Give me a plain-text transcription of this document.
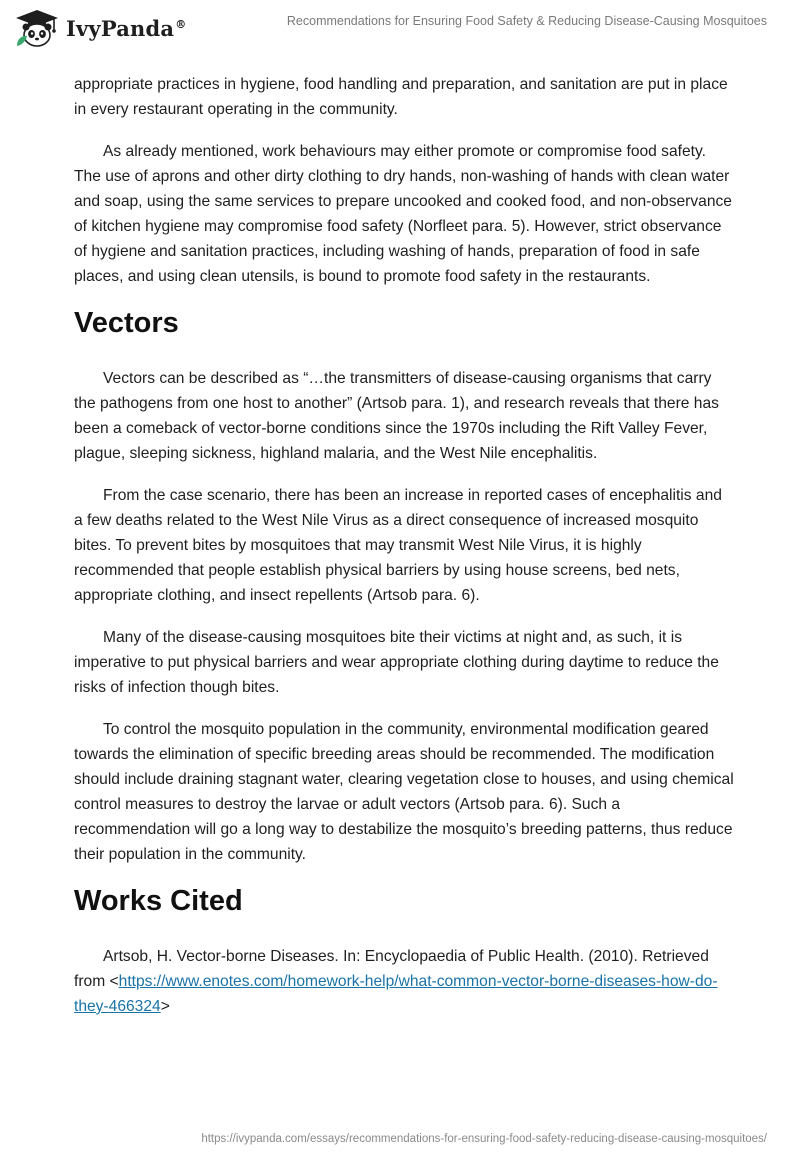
IvyPanda®	Recommendations for Ensuring Food Safety & Reducing Disease-Causing Mosquitoes

appropriate practices in hygiene, food handling and preparation, and sanitation are put in place in every restaurant operating in the community.

As already mentioned, work behaviours may either promote or compromise food safety. The use of aprons and other dirty clothing to dry hands, non-washing of hands with clean water and soap, using the same services to prepare uncooked and cooked food, and non-observance of kitchen hygiene may compromise food safety (Norfleet para. 5). However, strict observance of hygiene and sanitation practices, including washing of hands, preparation of food in safe places, and using clean utensils, is bound to promote food safety in the restaurants.

Vectors

Vectors can be described as “…the transmitters of disease-causing organisms that carry the pathogens from one host to another” (Artsob para. 1), and research reveals that there has been a comeback of vector-borne conditions since the 1970s including the Rift Valley Fever, plague, sleeping sickness, highland malaria, and the West Nile encephalitis.

From the case scenario, there has been an increase in reported cases of encephalitis and a few deaths related to the West Nile Virus as a direct consequence of increased mosquito bites. To prevent bites by mosquitoes that may transmit West Nile Virus, it is highly recommended that people establish physical barriers by using house screens, bed nets, appropriate clothing, and insect repellents (Artsob para. 6).

Many of the disease-causing mosquitoes bite their victims at night and, as such, it is imperative to put physical barriers and wear appropriate clothing during daytime to reduce the risks of infection though bites.

To control the mosquito population in the community, environmental modification geared towards the elimination of specific breeding areas should be recommended. The modification should include draining stagnant water, clearing vegetation close to houses, and using chemical control measures to destroy the larvae or adult vectors (Artsob para. 6). Such a recommendation will go a long way to destabilize the mosquito’s breeding patterns, thus reduce their population in the community.

Works Cited

Artsob, H. Vector-borne Diseases. In: Encyclopaedia of Public Health. (2010). Retrieved from <https://www.enotes.com/homework-help/what-common-vector-borne-diseases-how-do-they-466324>

https://ivypanda.com/essays/recommendations-for-ensuring-food-safety-reducing-disease-causing-mosquitoes/
